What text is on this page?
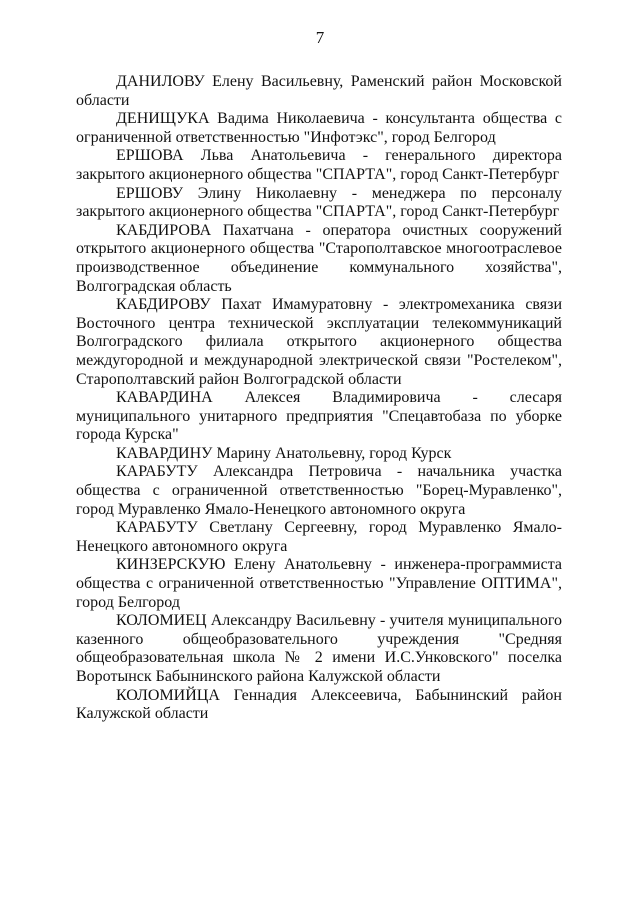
7

ДАНИЛОВУ Елену Васильевну, Раменский район Московской области

ДЕНИЩУКА Вадима Николаевича - консультанта общества с ограниченной ответственностью "Инфотэкс", город Белгород

ЕРШОВА Льва Анатольевича - генерального директора закрытого акционерного общества "СПАРТА", город Санкт-Петербург

ЕРШОВУ Элину Николаевну - менеджера по персоналу закрытого акционерного общества "СПАРТА", город Санкт-Петербург

КАБДИРОВА Пахатчана - оператора очистных сооружений открытого акционерного общества "Старополтавское многоотраслевое производственное объединение коммунального хозяйства", Волгоградская область

КАБДИРОВУ Пахат Имамуратовну - электромеханика связи Восточного центра технической эксплуатации телекоммуникаций Волгоградского филиала открытого акционерного общества междугородной и международной электрической связи "Ростелеком", Старополтавский район Волгоградской области

КАВАРДИНА Алексея Владимировича - слесаря муниципального унитарного предприятия "Спецавтобаза по уборке города Курска"

КАВАРДИНУ Марину Анатольевну, город Курск

КАРАБУТУ Александра Петровича - начальника участка общества с ограниченной ответственностью "Борец-Муравленко", город Муравленко Ямало-Ненецкого автономного округа

КАРАБУТУ Светлану Сергеевну, город Муравленко Ямало-Ненецкого автономного округа

КИНЗЕРСКУЮ Елену Анатольевну - инженера-программиста общества с ограниченной ответственностью "Управление ОПТИМА", город Белгород

КОЛОМИЕЦ Александру Васильевну - учителя муниципального казенного общеобразовательного учреждения "Средняя общеобразовательная школа № 2 имени И.С.Унковского" поселка Воротынск Бабынинского района Калужской области

КОЛОМИЙЦА Геннадия Алексеевича, Бабынинский район Калужской области
